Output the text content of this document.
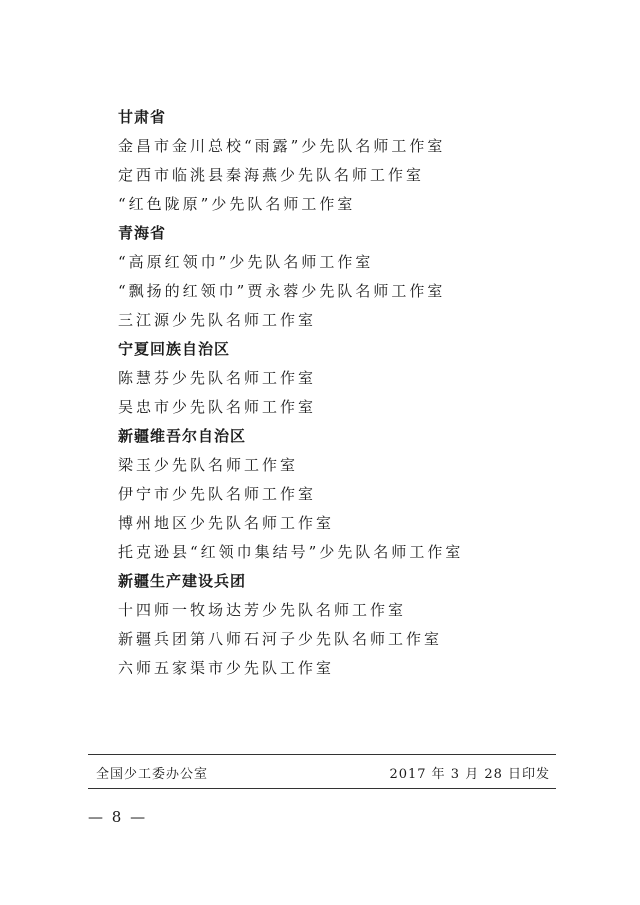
甘肃省
金昌市金川总校“雨露”少先队名师工作室
定西市临洮县秦海燕少先队名师工作室
“红色陇原”少先队名师工作室
青海省
“高原红领巾”少先队名师工作室
“飘扬的红领巾”贾永蓉少先队名师工作室
三江源少先队名师工作室
宁夏回族自治区
陈慧芬少先队名师工作室
吴忠市少先队名师工作室
新疆维吾尔自治区
梁玉少先队名师工作室
伊宁市少先队名师工作室
博州地区少先队名师工作室
托克逊县“红领巾集结号”少先队名师工作室
新疆生产建设兵团
十四师一牧场达芳少先队名师工作室
新疆兵团第八师石河子少先队名师工作室
六师五家渠市少先队工作室
全国少工委办公室	2017 年 3 月 28 日印发
— 8 —
